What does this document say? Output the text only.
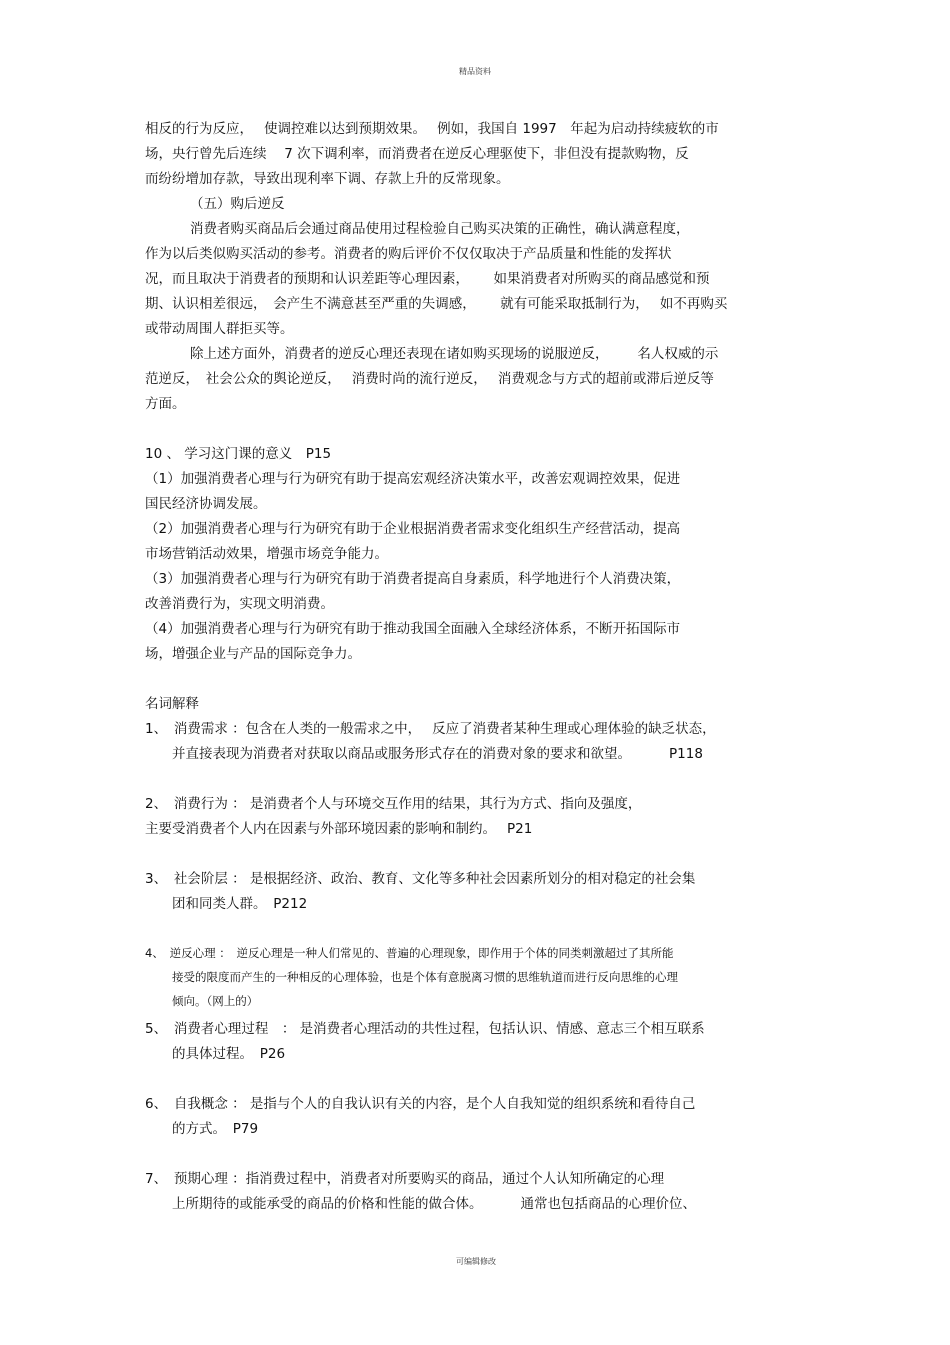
精品资料
相反的行为反应，　 使调控难以达到预期效果。　 例如，我国自 1997　年起为启动持续疲软的市
场，央行曾先后连续　 7 次下调利率，而消费者在逆反心理驱使下，非但没有提款购物，反
而纷纷增加存款，导致出现利率下调、存款上升的反常现象。
（五）购后逆反
消费者购买商品后会通过商品使用过程检验自己购买决策的正确性，确认满意程度，
作为以后类似购买活动的参考。消费者的购后评价不仅仅取决于产品质量和性能的发挥状
况，而且取决于消费者的预期和认识差距等心理因素，　 　如果消费者对所购买的商品感觉和预
期、认识相差很远，　会产生不满意甚至严重的失调感，　 　就有可能采取抵制行为，　 如不再购买
或带动周围人群拒买等。
除上述方面外，消费者的逆反心理还表现在诸如购买现场的说服逆反，　 　 名人权威的示
范逆反，　社会公众的舆论逆反，　 消费时尚的流行逆反，　 消费观念与方式的超前或滞后逆反等
方面。
10 、 学习这门课的意义　P15
（1）加强消费者心理与行为研究有助于提高宏观经济决策水平，改善宏观调控效果，促进
国民经济协调发展。
（2）加强消费者心理与行为研究有助于企业根据消费者需求变化组织生产经营活动，提高
市场营销活动效果，增强市场竞争能力。
（3）加强消费者心理与行为研究有助于消费者提高自身素质，科学地进行个人消费决策，
改善消费行为，实现文明消费。
（4）加强消费者心理与行为研究有助于推动我国全面融入全球经济体系，不断开拓国际市
场，增强企业与产品的国际竞争力。
名词解释
1、　消费需求 ：包含在人类的一般需求之中，　 反应了消费者某种生理或心理体验的缺乏状态，
并直接表现为消费者对获取以商品或服务形式存在的消费对象的要求和欲望。　　 　P118
2、　消费行为 ： 是消费者个人与环境交互作用的结果，其行为方式、指向及强度，
主要受消费者个人内在因素与外部环境因素的影响和制约。　 P21
3、　社会阶层 ： 是根据经济、政治、教育、文化等多种社会因素所划分的相对稳定的社会集
团和同类人群。　P212
4、　逆反心理 ：　逆反心理是一种人们常见的、普遍的心理现象，即作用于个体的同类刺激超过了其所能
接受的限度而产生的一种相反的心理体验，也是个体有意脱离习惯的思维轨道而进行反向思维的心理
倾向。（网上的）
5、　消费者心理过程　： 是消费者心理活动的共性过程，包括认识、情感、意志三个相互联系
的具体过程。　P26
6、　自我概念 ： 是指与个人的自我认识有关的内容，是个人自我知觉的组织系统和看待自己
的方式。　P79
7、　预期心理 ：指消费过程中，消费者对所要购买的商品，通过个人认知所确定的心理
上所期待的或能承受的商品的价格和性能的做合体。　　 　通常也包括商品的心理价位、
可编辑修改
